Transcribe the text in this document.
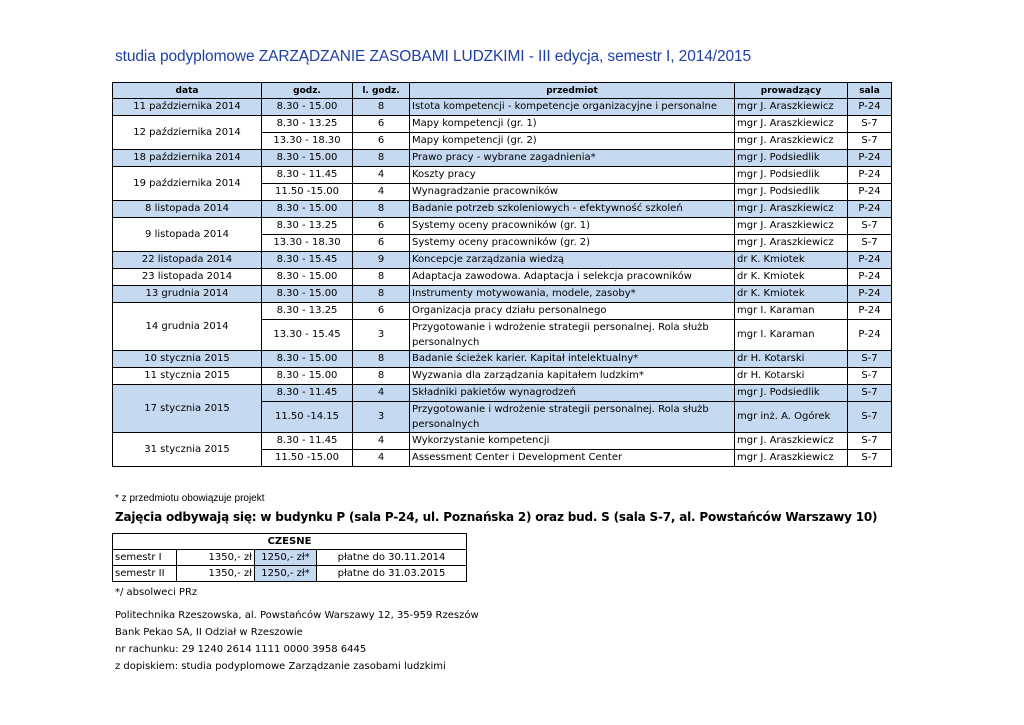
studia podyplomowe ZARZĄDZANIE ZASOBAMI LUDZKIMI - III edycja, semestr I, 2014/2015
data	godz.	l. godz.	przedmiot	prowadzący	sala
11 października 2014	8.30 - 15.00	8	Istota kompetencji - kompetencje organizacyjne i personalne	mgr J. Araszkiewicz	P-24
12 października 2014	8.30 - 13.25	6	Mapy kompetencji (gr. 1)	mgr J. Araszkiewicz	S-7
	13.30 - 18.30	6	Mapy kompetencji (gr. 2)	mgr J. Araszkiewicz	S-7
18 października 2014	8.30 - 15.00	8	Prawo pracy - wybrane zagadnienia*	mgr J. Podsiedlik	P-24
19 października 2014	8.30 - 11.45	4	Koszty pracy	mgr J. Podsiedlik	P-24
	11.50 -15.00	4	Wynagradzanie pracowników	mgr J. Podsiedlik	P-24
8 listopada 2014	8.30 - 15.00	8	Badanie potrzeb szkoleniowych - efektywność szkoleń	mgr J. Araszkiewicz	P-24
9 listopada 2014	8.30 - 13.25	6	Systemy oceny pracowników (gr. 1)	mgr J. Araszkiewicz	S-7
	13.30 - 18.30	6	Systemy oceny pracowników (gr. 2)	mgr J. Araszkiewicz	S-7
22 listopada 2014	8.30 - 15.45	9	Koncepcje zarządzania wiedzą	dr K. Kmiotek	P-24
23 listopada 2014	8.30 - 15.00	8	Adaptacja zawodowa. Adaptacja i selekcja pracowników	dr K. Kmiotek	P-24
13 grudnia 2014	8.30 - 15.00	8	Instrumenty motywowania, modele, zasoby*	dr K. Kmiotek	P-24
14 grudnia 2014	8.30 - 13.25	6	Organizacja pracy działu personalnego	mgr I. Karaman	P-24
	13.30 - 15.45	3	Przygotowanie i wdrożenie strategii personalnej. Rola służb personalnych	mgr I. Karaman	P-24
10 stycznia 2015	8.30 - 15.00	8	Badanie ścieżek karier. Kapitał intelektualny*	dr H. Kotarski	S-7
11 stycznia 2015	8.30 - 15.00	8	Wyzwania dla zarządzania kapitałem ludzkim*	dr H. Kotarski	S-7
17 stycznia 2015	8.30 - 11.45	4	Składniki pakietów wynagrodzeń	mgr J. Podsiedlik	S-7
	11.50 -14.15	3	Przygotowanie i wdrożenie strategii personalnej. Rola służb personalnych	mgr inż. A. Ogórek	S-7
31 stycznia 2015	8.30 - 11.45	4	Wykorzystanie kompetencji	mgr J. Araszkiewicz	S-7
	11.50 -15.00	4	Assessment Center i Development Center	mgr J. Araszkiewicz	S-7
* z przedmiotu obowiązuje projekt
Zajęcia odbywają się: w budynku P (sala P-24, ul. Poznańska 2) oraz bud. S (sala S-7, al. Powstańców Warszawy 10)
CZESNE			
semestr I	1350,- zł	1250,- zł*	płatne do 30.11.2014
semestr II	1350,- zł	1250,- zł*	płatne do 31.03.2015
*/ absolweci PRz
Politechnika Rzeszowska, al. Powstańców Warszawy 12, 35-959 Rzeszów
Bank Pekao SA, II Odział w Rzeszowie
nr rachunku: 29 1240 2614 1111 0000 3958 6445
z dopiskiem: studia podyplomowe Zarządzanie zasobami ludzkimi
